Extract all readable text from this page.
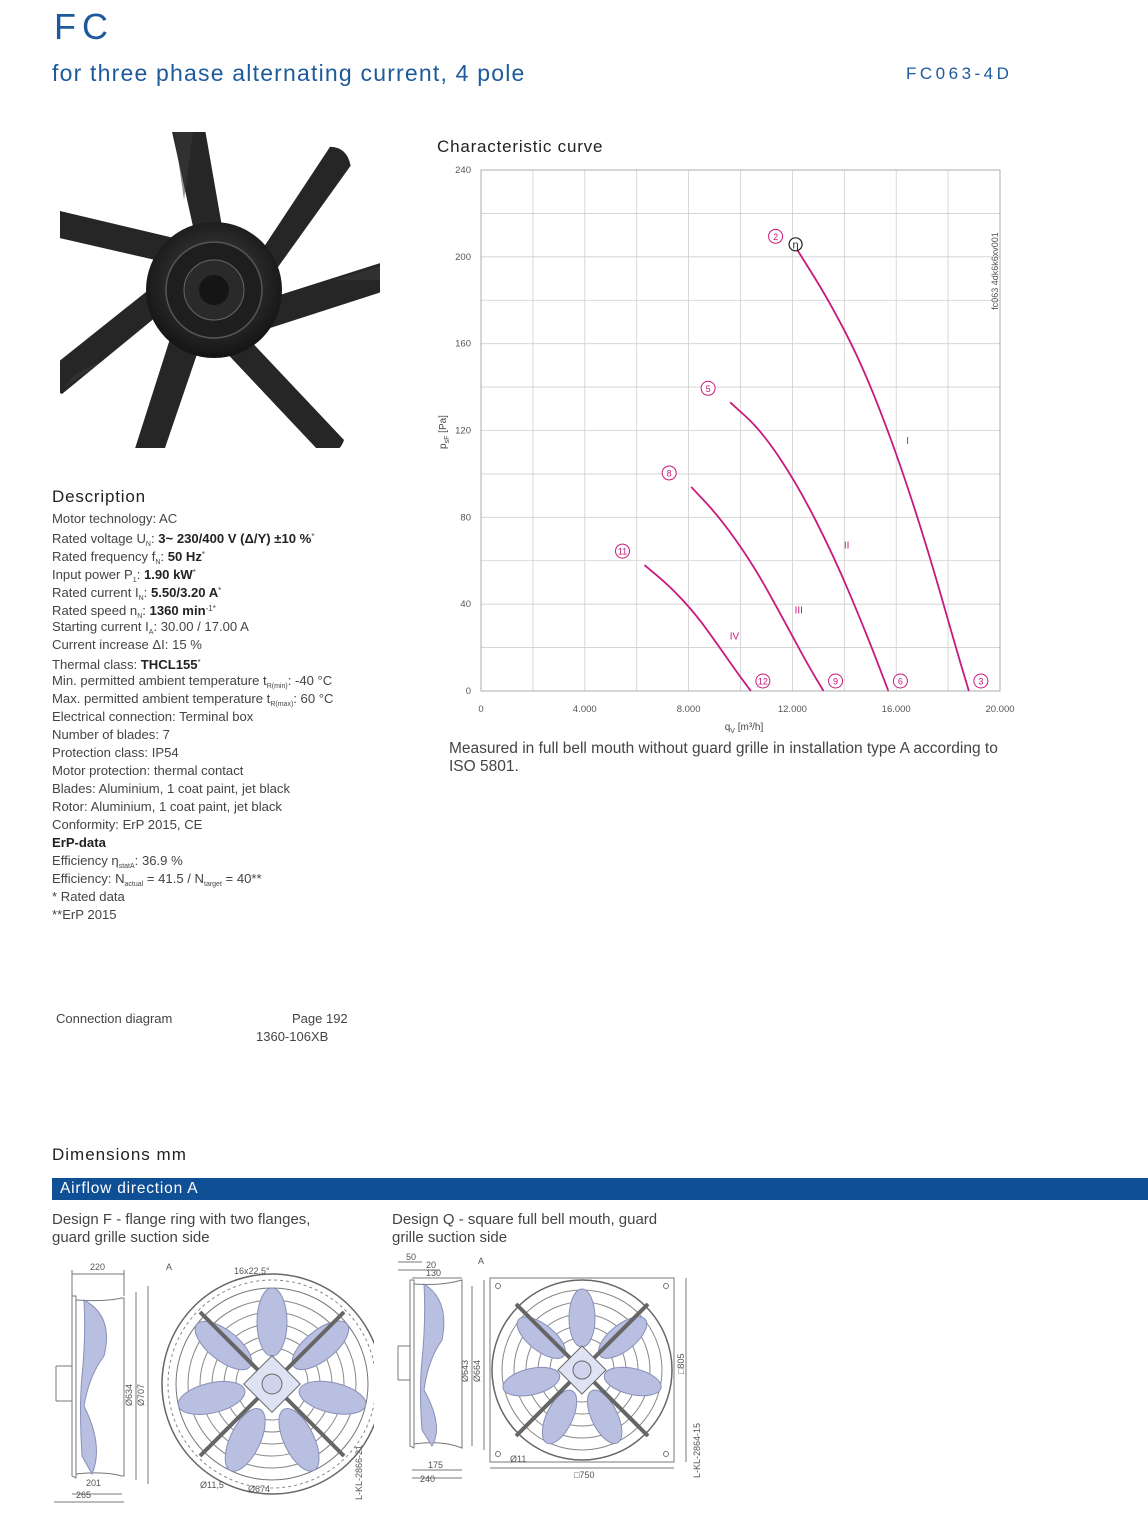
FC
for three phase alternating current, 4 pole	FC063-4D
Description
Motor technology: AC
Rated voltage $U_N$: 3~ 230/400 V (Δ/Y) ±10 %*
Rated frequency $f_N$: 50 Hz*
Input power $P_1$: 1.90 kW*
Rated current $I_N$: 5.50/3.20 A*
Rated speed $n_N$: 1360 $\min^{-1*}$
Starting current $I_A$: 30.00 / 17.00 A
Current increase ΔI: 15 %
Thermal class: THCL155*
Min. permitted ambient temperature $t_{R(min)}$: -40 °C
Max. permitted ambient temperature $t_{R(max)}$: 60 °C
Electrical connection: Terminal box
Number of blades: 7
Protection class: IP54
Motor protection: thermal contact
Blades: Aluminium, 1 coat paint, jet black
Rotor: Aluminium, 1 coat paint, jet black
Conformity: ErP 2015, CE
ErP-data
Efficiency $\eta_{statA}$: 36.9 %
Efficiency: $N_{actual} = 41.5 / N_{target} = 40**$
* Rated data
**ErP 2015
Connection diagram	Page 192
1360-106XB
Characteristic curve
0	4.000	8.000	12.000	16.000	20.000
0
40
80
120
160
200
240
I
2
3
II
5
6
III
8
9
IV
11
12
η	fc063 4dk6k6xv001
$p_{sF}$ [Pa]
$q_V$ [m³/h]
Measured in full bell mouth without guard grille in installation type A according to ISO 5801.
Dimensions mm
Airflow direction A
Design F - flange ring with two flanges, guard grille suction side
Design Q - square full bell mouth, guard grille suction side
220	A
Ø634 Ø707
201
265
16x22,5°
Ø11,5	Ø674	L-KL-2866-21
50
20
130
A
Ø643 Ø664
175
240
□805
Ø11
□750	L-KL-2864-15
